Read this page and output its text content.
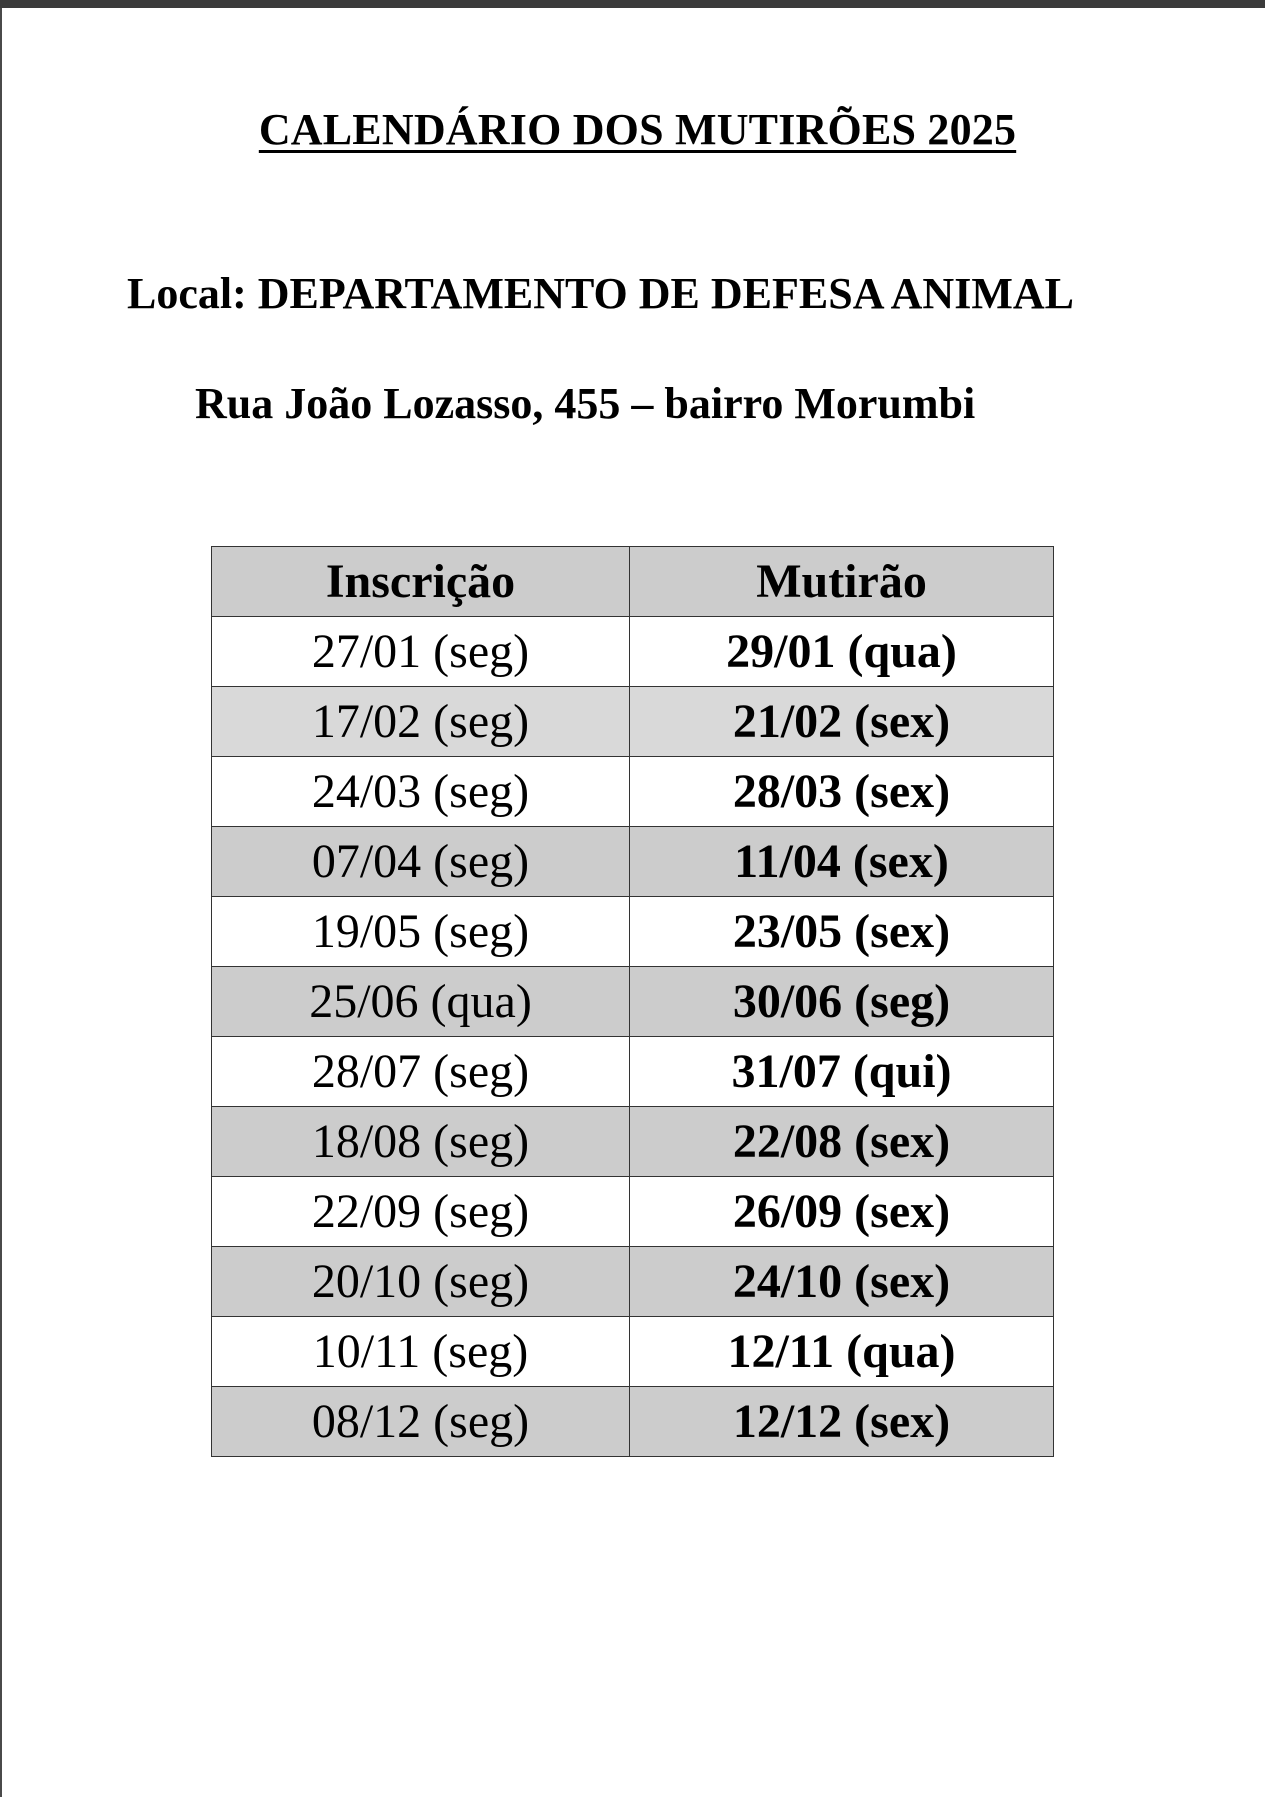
CALENDÁRIO DOS MUTIRÕES 2025
Local: DEPARTAMENTO DE DEFESA ANIMAL
Rua João Lozasso, 455 – bairro Morumbi
Inscrição	Mutirão
27/01 (seg)	29/01 (qua)
17/02 (seg)	21/02 (sex)
24/03 (seg)	28/03 (sex)
07/04 (seg)	11/04 (sex)
19/05 (seg)	23/05 (sex)
25/06 (qua)	30/06 (seg)
28/07 (seg)	31/07 (qui)
18/08 (seg)	22/08 (sex)
22/09 (seg)	26/09 (sex)
20/10 (seg)	24/10 (sex)
10/11 (seg)	12/11 (qua)
08/12 (seg)	12/12 (sex)
